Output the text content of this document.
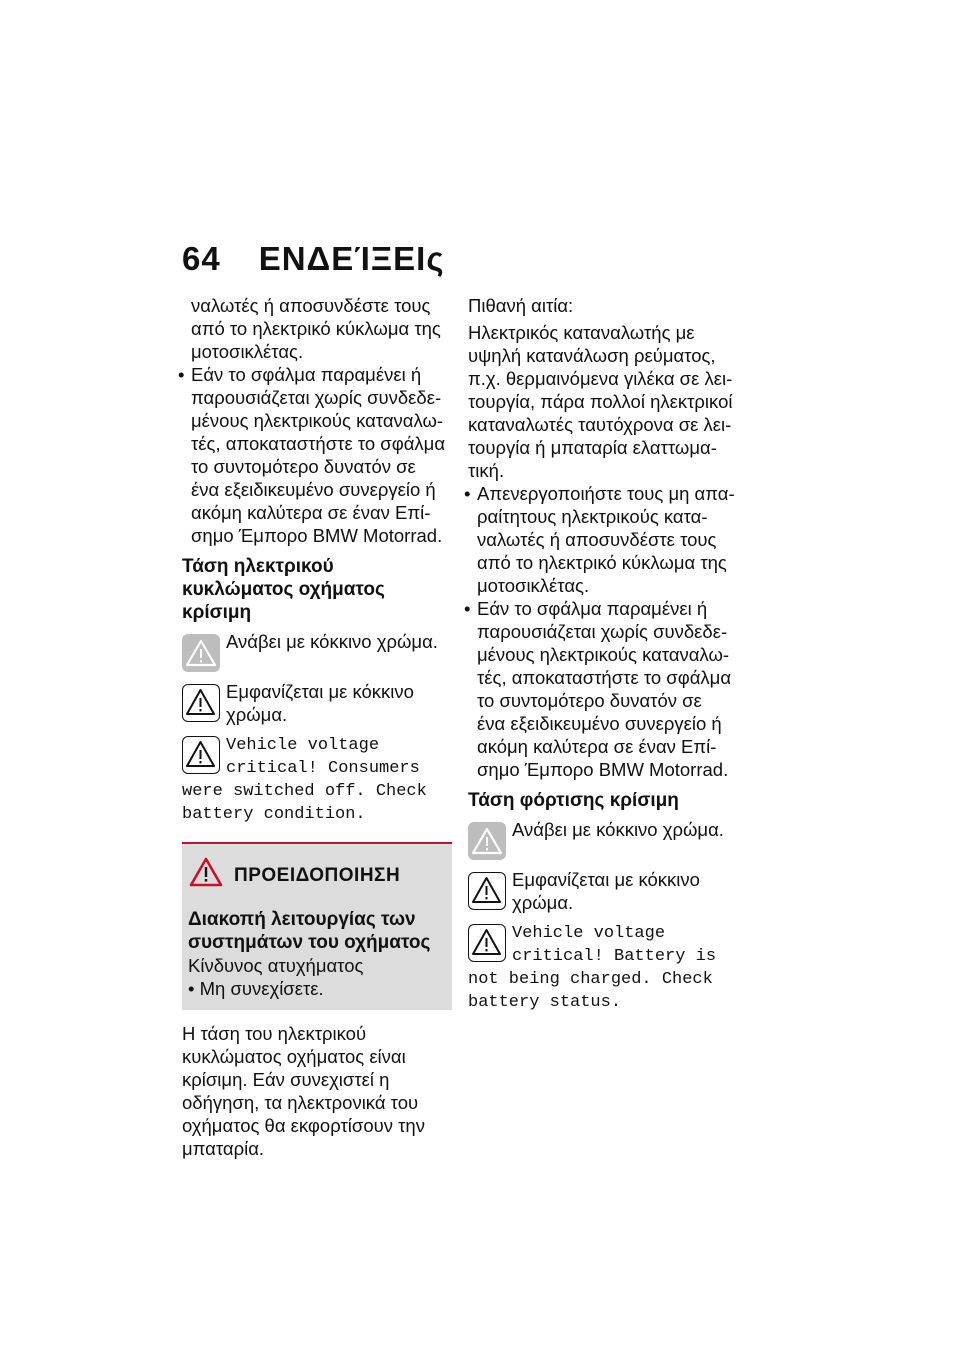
64 ΕΝΔΕΊΞΕΙς

ναλωτές ή αποσυνδέστε τους

από το ηλεκτρικό κύκλωμα της

μοτοσικλέτας.

• Εάν το σφάλμα παραμένει ή

παρουσιάζεται χωρίς συνδεδε-

μένους ηλεκτρικούς καταναλω-

τές, αποκαταστήστε το σφάλμα

το συντομότερο δυνατόν σε

ένα εξειδικευμένο συνεργείο ή

ακόμη καλύτερα σε έναν Επί-

σημο Έμπορο BMW Motorrad.

Τάση ηλεκτρικού
κυκλώματος οχήματος
κρίσιμη
Ανάβει με κόκκινο χρώμα.
Εμφανίζεται με κόκκινο
χρώμα.
Vehicle voltage
critical! Consumers
were switched off. Check
battery condition.
ΠΡΟΕΙΔΟΠΟΙΗΣΗ

Διακοπή λειτουργίας των
συστημάτων του οχήματος

Κίνδυνος ατυχήματος

• Μη συνεχίσετε.

Η τάση του ηλεκτρικού

κυκλώματος οχήματος είναι

κρίσιμη. Εάν συνεχιστεί η

οδήγηση, τα ηλεκτρονικά του

οχήματος θα εκφορτίσουν την

μπαταρία.

Πιθανή αιτία:

Ηλεκτρικός καταναλωτής με

υψηλή κατανάλωση ρεύματος,

π.χ. θερμαινόμενα γιλέκα σε λει-

τουργία, πάρα πολλοί ηλεκτρικοί

καταναλωτές ταυτόχρονα σε λει-

τουργία ή μπαταρία ελαττωμα-

τική.

• Απενεργοποιήστε τους μη απα-

ραίτητους ηλεκτρικούς κατα-

ναλωτές ή αποσυνδέστε τους

από το ηλεκτρικό κύκλωμα της

μοτοσικλέτας.

• Εάν το σφάλμα παραμένει ή

παρουσιάζεται χωρίς συνδεδε-

μένους ηλεκτρικούς καταναλω-

τές, αποκαταστήστε το σφάλμα

το συντομότερο δυνατόν σε

ένα εξειδικευμένο συνεργείο ή

ακόμη καλύτερα σε έναν Επί-

σημο Έμπορο BMW Motorrad.

Τάση φόρτισης κρίσιμη
Ανάβει με κόκκινο χρώμα.
Εμφανίζεται με κόκκινο
χρώμα.
Vehicle voltage
critical! Battery is
not being charged. Check
battery status.
